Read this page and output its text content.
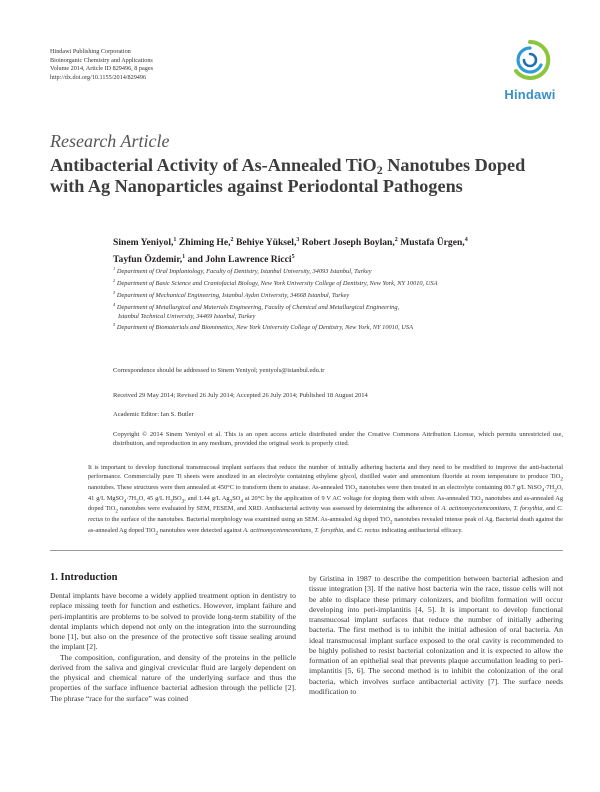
Hindawi Publishing Corporation
Bioinorganic Chemistry and Applications
Volume 2014, Article ID 829496, 8 pages
http://dx.doi.org/10.1155/2014/829496
Hindawi
Research Article
Antibacterial Activity of As-Annealed TiO$_2$ Nanotubes Doped
with Ag Nanoparticles against Periodontal Pathogens
Sinem Yeniyol,$^1$ Zhiming He,$^2$ Behiye Yüksel,$^3$ Robert Joseph Boylan,$^2$ Mustafa Ürgen,$^4$
Tayfun Özdemir,$^1$ and John Lawrence Ricci$^5$
$^1$ Department of Oral Implantology, Faculty of Dentistry, Istanbul University, 34093 Istanbul, Turkey
$^2$ Department of Basic Science and Craniofacial Biology, New York University College of Dentistry, New York, NY 10010, USA
$^3$ Department of Mechanical Engineering, Istanbul Aydın University, 34668 Istanbul, Turkey
$^4$ Department of Metallurgical and Materials Engineering, Faculty of Chemical and Metallurgical Engineering,
Istanbul Technical University, 34469 Istanbul, Turkey
$^5$ Department of Biomaterials and Biomimetics, New York University College of Dentistry, New York, NY 10010, USA
Correspondence should be addressed to Sinem Yeniyol; yeniyols@istanbul.edu.tr
Received 29 May 2014; Revised 26 July 2014; Accepted 26 July 2014; Published 18 August 2014
Academic Editor: Ian S. Butler
Copyright © 2014 Sinem Yeniyol et al. This is an open access article distributed under the Creative Commons Attribution License, which permits unrestricted use, distribution, and reproduction in any medium, provided the original work is properly cited.

It is important to develop functional transmucosal implant surfaces that reduce the number of initially adhering bacteria and they need to be modified to improve the anti-bacterial performance. Commercially pure Ti sheets were anodized in an electrolyte containing ethylene glycol, distilled water and ammonium fluoride at room temperature to produce TiO$_2$ nanotubes. These structures were then annealed at 450°C to transform them to anatase. As-annealed TiO$_2$ nanotubes were then treated in an electrolyte containing 80.7 g/L $NiSO_4\cdot 7H_2O$, 41 g/L $MgSO_4\cdot 7H_2O$, 45 g/L $H_3BO_3$, and 1.44 g/L $Ag_2SO_4$ at 20°C by the application of 9 V AC voltage for doping them with silver. As-annealed TiO$_2$ nanotubes and as-annealed Ag doped TiO$_2$ nanotubes were evaluated by SEM, FESEM, and XRD. Antibacterial activity was assessed by determining the adherence of A. actinomycetemcomitans, T. forsythia, and C. rectus to the surface of the nanotubes. Bacterial morphology was examined using an SEM. As-annealed Ag doped TiO$_2$ nanotubes revealed intense peak of Ag. Bacterial death against the as-annealed Ag doped TiO$_2$ nanotubes were detected against A. actinomycetemcomitans, T. forsythia, and C. rectus indicating antibacterial efficacy.

1. Introduction

Dental implants have become a widely applied treatment option in dentistry to replace missing teeth for function and esthetics. However, implant failure and peri-implantitis are problems to be solved to provide long-term stability of the dental implants which depend not only on the integration into the surrounding bone [1], but also on the presence of the protective soft tissue sealing around the implant [2].

The composition, configuration, and density of the proteins in the pellicle derived from the saliva and gingival crevicular fluid are largely dependent on the physical and chemical nature of the underlying surface and thus the properties of the surface influence bacterial adhesion through the pellicle [2]. The phrase “race for the surface” was coined

by Gristina in 1987 to describe the competition between bacterial adhesion and tissue integration [3]. If the native host bacteria win the race, tissue cells will not be able to displace these primary colonizers, and biofilm formation will occur developing into peri-implantitis [4, 5]. It is important to develop functional transmucosal implant surfaces that reduce the number of initially adhering bacteria. The first method is to inhibit the initial adhesion of oral bacteria. An ideal transmucosal implant surface exposed to the oral cavity is recommended to be highly polished to resist bacterial colonization and it is expected to allow the formation of an epithelial seal that prevents plaque accumulation leading to peri-implantitis [5, 6]. The second method is to inhibit the colonization of the oral bacteria, which involves surface antibacterial activity [7]. The surface needs modification to
